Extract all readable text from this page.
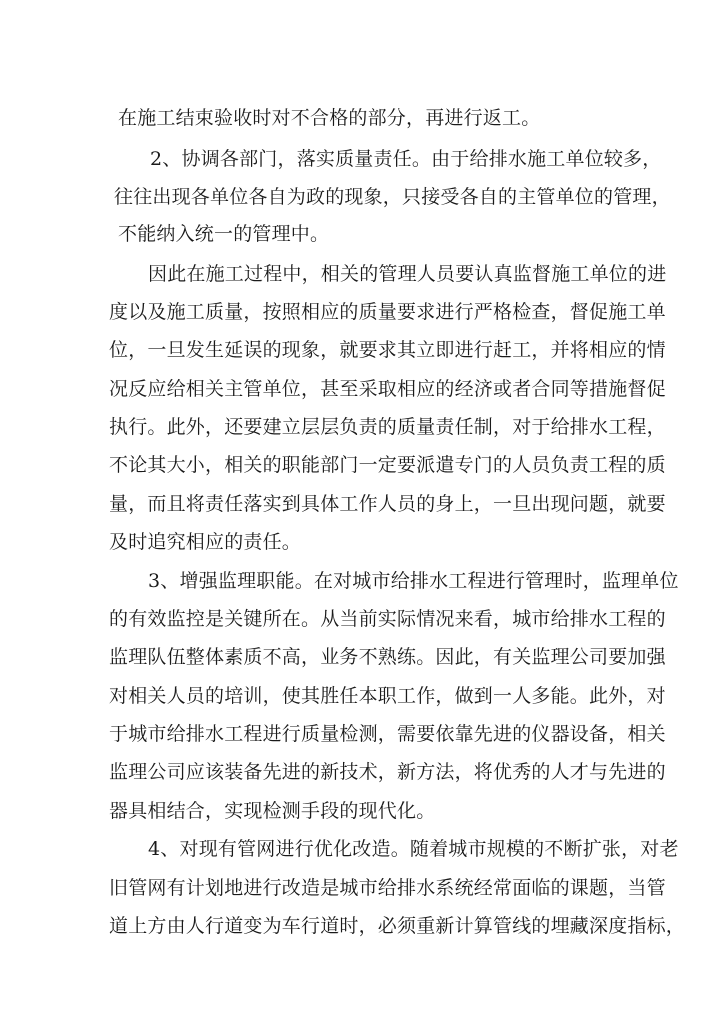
在施工结束验收时对不合格的部分，再进行返工。
2、协调各部门，落实质量责任。由于给排水施工单位较多，
往往出现各单位各自为政的现象，只接受各自的主管单位的管理，
不能纳入统一的管理中。
因此在施工过程中，相关的管理人员要认真监督施工单位的进
度以及施工质量，按照相应的质量要求进行严格检查，督促施工单
位，一旦发生延误的现象，就要求其立即进行赶工，并将相应的情
况反应给相关主管单位，甚至采取相应的经济或者合同等措施督促
执行。此外，还要建立层层负责的质量责任制，对于给排水工程，
不论其大小，相关的职能部门一定要派遣专门的人员负责工程的质
量，而且将责任落实到具体工作人员的身上，一旦出现问题，就要
及时追究相应的责任。
3、增强监理职能。在对城市给排水工程进行管理时，监理单位
的有效监控是关键所在。从当前实际情况来看，城市给排水工程的
监理队伍整体素质不高，业务不熟练。因此，有关监理公司要加强
对相关人员的培训，使其胜任本职工作，做到一人多能。此外，对
于城市给排水工程进行质量检测，需要依靠先进的仪器设备，相关
监理公司应该装备先进的新技术，新方法，将优秀的人才与先进的
器具相结合，实现检测手段的现代化。
4、对现有管网进行优化改造。随着城市规模的不断扩张，对老
旧管网有计划地进行改造是城市给排水系统经常面临的课题，当管
道上方由人行道变为车行道时，必须重新计算管线的埋藏深度指标，
